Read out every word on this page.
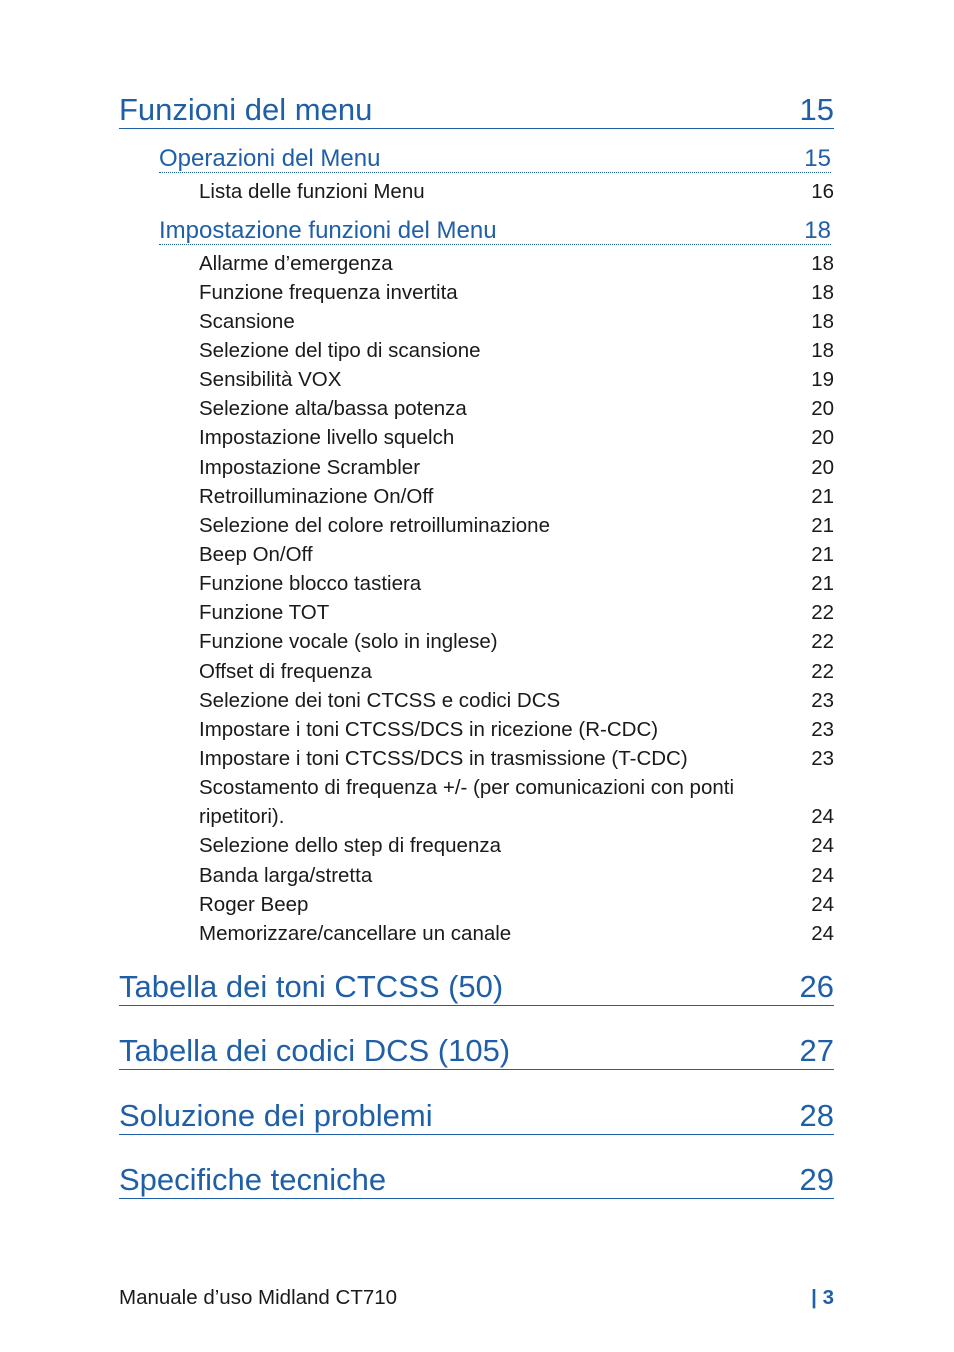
Funzioni del menu	15
Operazioni del Menu	15
Lista delle funzioni Menu	16
Impostazione funzioni del Menu	18
Allarme d’emergenza	18
Funzione frequenza invertita	18
Scansione	18
Selezione del tipo di scansione	18
Sensibilità VOX	19
Selezione alta/bassa potenza	20
Impostazione livello squelch	20
Impostazione Scrambler	20
Retroilluminazione On/Off	21
Selezione del colore retroilluminazione	21
Beep On/Off	21
Funzione blocco tastiera	21
Funzione TOT	22
Funzione vocale (solo in inglese)	22
Offset di frequenza	22
Selezione dei toni CTCSS e codici DCS	23
Impostare i toni CTCSS/DCS in ricezione (R-CDC)	23
Impostare i toni CTCSS/DCS in trasmissione (T-CDC)	23
Scostamento di frequenza +/- (per comunicazioni con ponti
ripetitori).	24
Selezione dello step di frequenza	24
Banda larga/stretta	24
Roger Beep	24
Memorizzare/cancellare un canale	24
Tabella dei toni CTCSS (50)	26
Tabella dei codici DCS (105)	27
Soluzione dei problemi	28
Specifiche tecniche	29
Manuale d’uso Midland CT710	| 3
